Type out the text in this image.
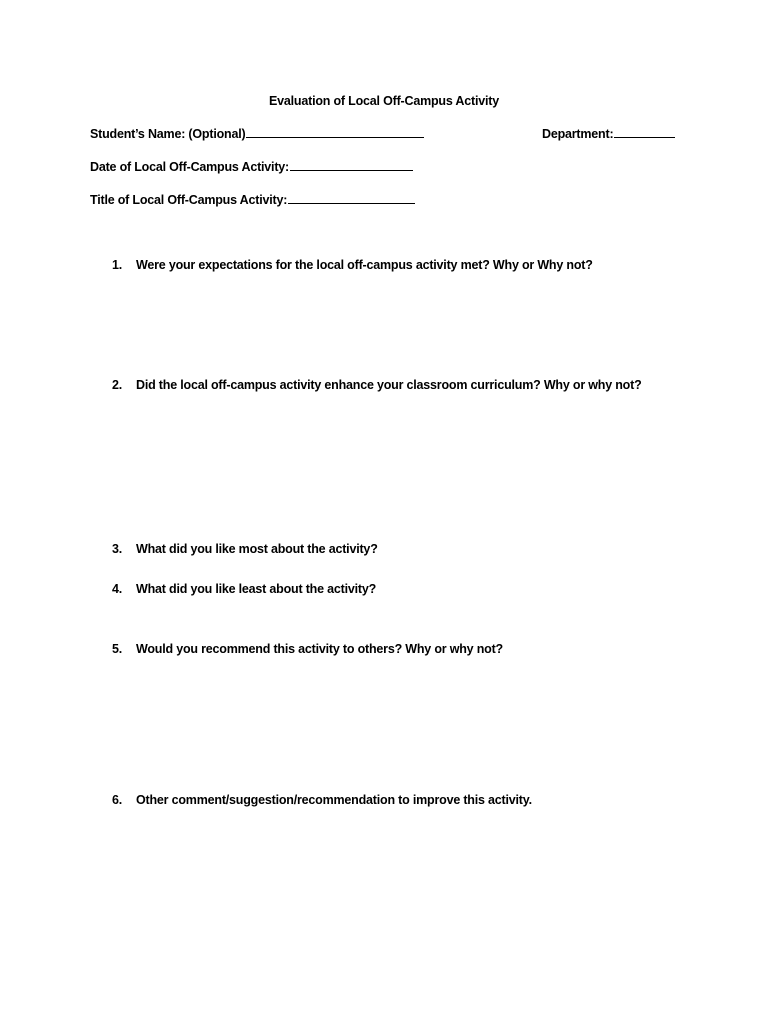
Evaluation of Local Off-Campus Activity
Student’s Name: (Optional)	Department:
Date of Local Off-Campus Activity:
Title of Local Off-Campus Activity:
1.	Were your expectations for the local off-campus activity met? Why or Why not?
2.	Did the local off-campus activity enhance your classroom curriculum? Why or why not?
3.	What did you like most about the activity?
4.	What did you like least about the activity?
5.	Would you recommend this activity to others? Why or why not?
6.	Other comment/suggestion/recommendation to improve this activity.
